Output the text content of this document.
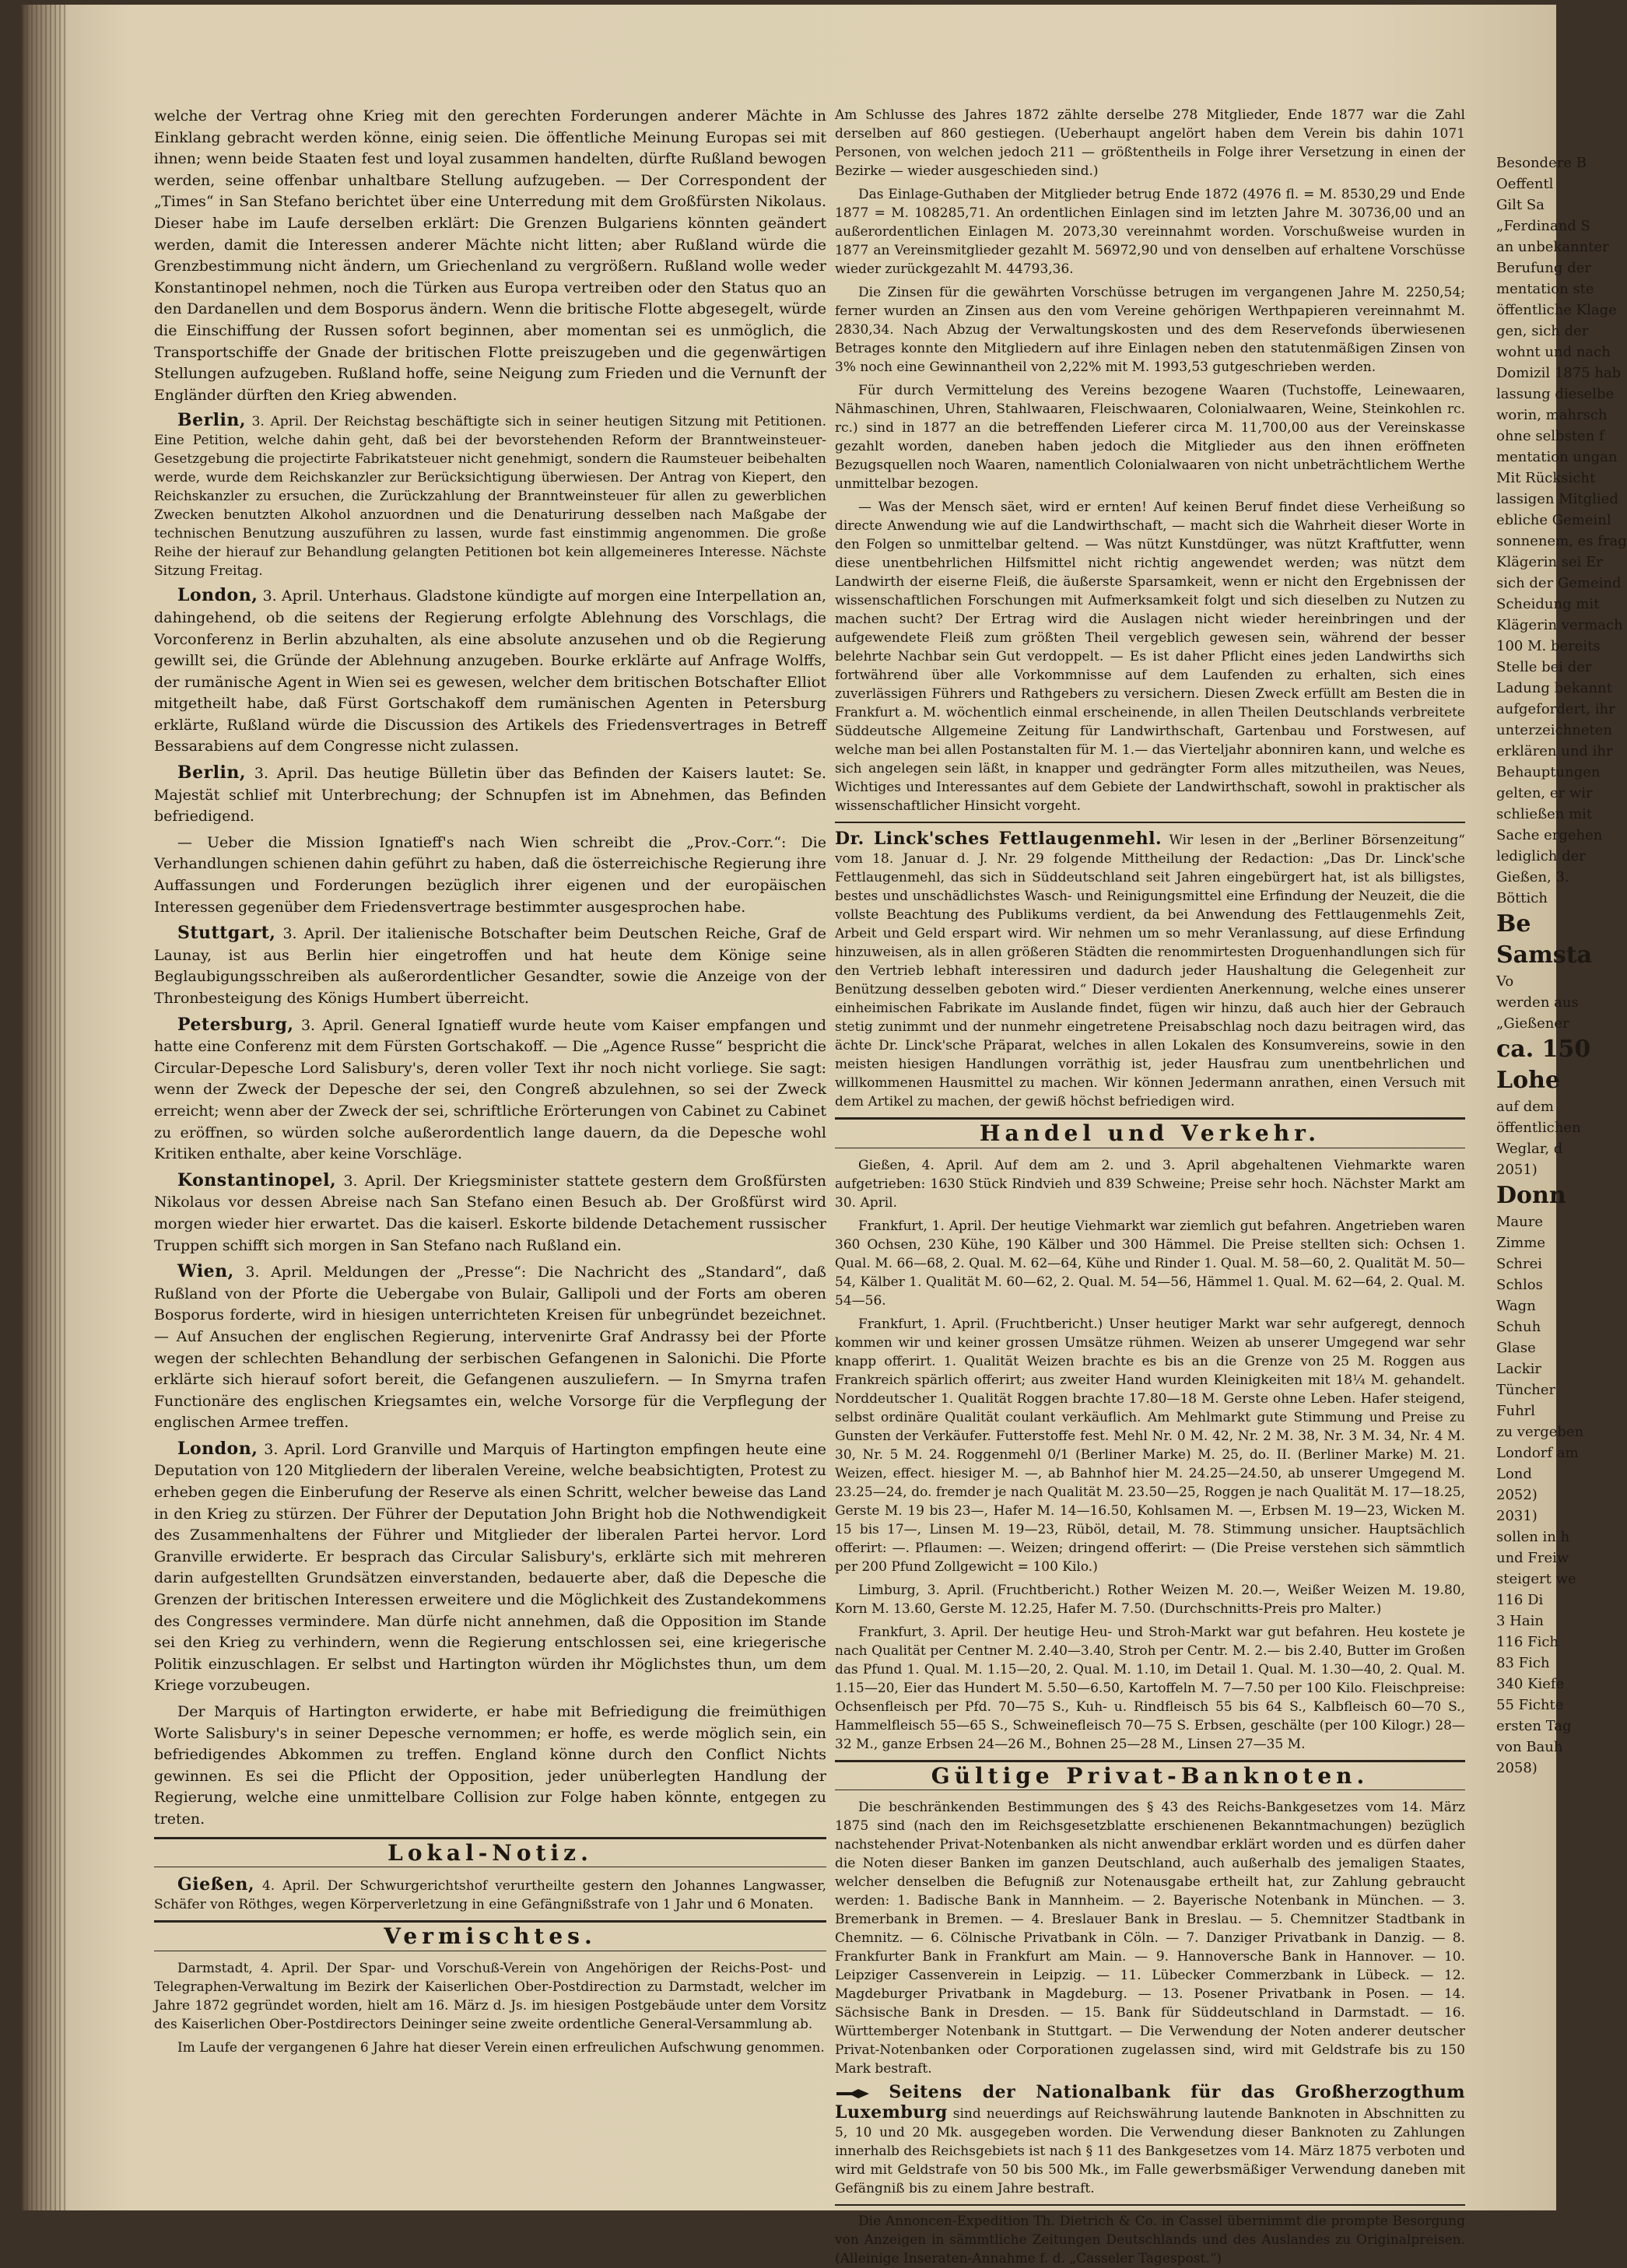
welche der Vertrag ohne Krieg mit den gerechten Forderungen anderer Mächte in Einklang gebracht werden könne, einig seien. Die öffentliche Meinung Europas sei mit ihnen; wenn beide Staaten fest und loyal zusammen handelten, dürfte Rußland bewogen werden, seine offenbar unhaltbare Stellung aufzugeben. — Der Correspondent der „Times“ in San Stefano berichtet über eine Unterredung mit dem Großfürsten Nikolaus. Dieser habe im Laufe derselben erklärt: Die Grenzen Bulgariens könnten geändert werden, damit die Interessen anderer Mächte nicht litten; aber Rußland würde die Grenzbestimmung nicht ändern, um Griechenland zu vergrößern. Rußland wolle weder Konstantinopel nehmen, noch die Türken aus Europa vertreiben oder den Status quo an den Dardanellen und dem Bosporus ändern. Wenn die britische Flotte abgesegelt, würde die Einschiffung der Russen sofort beginnen, aber momentan sei es unmöglich, die Transportschiffe der Gnade der britischen Flotte preiszugeben und die gegenwärtigen Stellungen aufzugeben. Rußland hoffe, seine Neigung zum Frieden und die Vernunft der Engländer dürften den Krieg abwenden.

Berlin, 3. April. Der Reichstag beschäftigte sich in seiner heutigen Sitzung mit Petitionen. Eine Petition, welche dahin geht, daß bei der bevorstehenden Reform der Branntweinsteuer-Gesetzgebung die projectirte Fabrikatsteuer nicht genehmigt, sondern die Raumsteuer beibehalten werde, wurde dem Reichskanzler zur Berücksichtigung überwiesen. Der Antrag von Kiepert, den Reichskanzler zu ersuchen, die Zurückzahlung der Branntweinsteuer für allen zu gewerblichen Zwecken benutzten Alkohol anzuordnen und die Denaturirung desselben nach Maßgabe der technischen Benutzung auszuführen zu lassen, wurde fast einstimmig angenommen. Die große Reihe der hierauf zur Behandlung gelangten Petitionen bot kein allgemeineres Interesse. Nächste Sitzung Freitag.

London, 3. April. Unterhaus. Gladstone kündigte auf morgen eine Interpellation an, dahingehend, ob die seitens der Regierung erfolgte Ablehnung des Vorschlags, die Vorconferenz in Berlin abzuhalten, als eine absolute anzusehen und ob die Regierung gewillt sei, die Gründe der Ablehnung anzugeben. Bourke erklärte auf Anfrage Wolffs, der rumänische Agent in Wien sei es gewesen, welcher dem britischen Botschafter Elliot mitgetheilt habe, daß Fürst Gortschakoff dem rumänischen Agenten in Petersburg erklärte, Rußland würde die Discussion des Artikels des Friedensvertrages in Betreff Bessarabiens auf dem Congresse nicht zulassen.

Berlin, 3. April. Das heutige Bülletin über das Befinden der Kaisers lautet: Se. Majestät schlief mit Unterbrechung; der Schnupfen ist im Abnehmen, das Befinden befriedigend.

— Ueber die Mission Ignatieff's nach Wien schreibt die „Prov.-Corr.“: Die Verhandlungen schienen dahin geführt zu haben, daß die österreichische Regierung ihre Auffassungen und Forderungen bezüglich ihrer eigenen und der europäischen Interessen gegenüber dem Friedensvertrage bestimmter ausgesprochen habe.

Stuttgart, 3. April. Der italienische Botschafter beim Deutschen Reiche, Graf de Launay, ist aus Berlin hier eingetroffen und hat heute dem Könige seine Beglaubigungsschreiben als außerordentlicher Gesandter, sowie die Anzeige von der Thronbesteigung des Königs Humbert überreicht.

Petersburg, 3. April. General Ignatieff wurde heute vom Kaiser empfangen und hatte eine Conferenz mit dem Fürsten Gortschakoff. — Die „Agence Russe“ bespricht die Circular-Depesche Lord Salisbury's, deren voller Text ihr noch nicht vorliege. Sie sagt: wenn der Zweck der Depesche der sei, den Congreß abzulehnen, so sei der Zweck erreicht; wenn aber der Zweck der sei, schriftliche Erörterungen von Cabinet zu Cabinet zu eröffnen, so würden solche außerordentlich lange dauern, da die Depesche wohl Kritiken enthalte, aber keine Vorschläge.

Konstantinopel, 3. April. Der Kriegsminister stattete gestern dem Großfürsten Nikolaus vor dessen Abreise nach San Stefano einen Besuch ab. Der Großfürst wird morgen wieder hier erwartet. Das die kaiserl. Eskorte bildende Detachement russischer Truppen schifft sich morgen in San Stefano nach Rußland ein.

Wien, 3. April. Meldungen der „Presse“: Die Nachricht des „Standard“, daß Rußland von der Pforte die Uebergabe von Bulair, Gallipoli und der Forts am oberen Bosporus forderte, wird in hiesigen unterrichteten Kreisen für unbegründet bezeichnet. — Auf Ansuchen der englischen Regierung, intervenirte Graf Andrassy bei der Pforte wegen der schlechten Behandlung der serbischen Gefangenen in Salonichi. Die Pforte erklärte sich hierauf sofort bereit, die Gefangenen auszuliefern. — In Smyrna trafen Functionäre des englischen Kriegsamtes ein, welche Vorsorge für die Verpflegung der englischen Armee treffen.

London, 3. April. Lord Granville und Marquis of Hartington empfingen heute eine Deputation von 120 Mitgliedern der liberalen Vereine, welche beabsichtigten, Protest zu erheben gegen die Einberufung der Reserve als einen Schritt, welcher beweise das Land in den Krieg zu stürzen. Der Führer der Deputation John Bright hob die Nothwendigkeit des Zusammenhaltens der Führer und Mitglieder der liberalen Partei hervor. Lord Granville erwiderte. Er besprach das Circular Salisbury's, erklärte sich mit mehreren darin aufgestellten Grundsätzen einverstanden, bedauerte aber, daß die Depesche die Grenzen der britischen Interessen erweitere und die Möglichkeit des Zustandekommens des Congresses verminderе. Man dürfe nicht annehmen, daß die Opposition im Stande sei den Krieg zu verhindern, wenn die Regierung entschlossen sei, eine kriegerische Politik einzuschlagen. Er selbst und Hartington würden ihr Möglichstes thun, um dem Kriege vorzubeugen.

Der Marquis of Hartington erwiderte, er habe mit Befriedigung die freimüthigen Worte Salisbury's in seiner Depesche vernommen; er hoffe, es werde möglich sein, ein befriedigendes Abkommen zu treffen. England könne durch den Conflict Nichts gewinnen. Es sei die Pflicht der Opposition, jeder unüberlegten Handlung der Regierung, welche eine unmittelbare Collision zur Folge haben könnte, entgegen zu treten.

Lokal-Notiz.

Gießen, 4. April. Der Schwurgerichtshof verurtheilte gestern den Johannes Langwasser, Schäfer von Röthges, wegen Körperverletzung in eine Gefängnißstrafe von 1 Jahr und 6 Monaten.

Vermischtes.

Darmstadt, 4. April. Der Spar- und Vorschuß-Verein von Angehörigen der Reichs-Post- und Telegraphen-Verwaltung im Bezirk der Kaiserlichen Ober-Postdirection zu Darmstadt, welcher im Jahre 1872 gegründet worden, hielt am 16. März d. Js. im hiesigen Postgebäude unter dem Vorsitz des Kaiserlichen Ober-Postdirectors Deininger seine zweite ordentliche General-Versammlung ab.

Im Laufe der vergangenen 6 Jahre hat dieser Verein einen erfreulichen Aufschwung genommen.

Am Schlusse des Jahres 1872 zählte derselbe 278 Mitglieder, Ende 1877 war die Zahl derselben auf 860 gestiegen. (Ueberhaupt angelört haben dem Verein bis dahin 1071 Personen, von welchen jedoch 211 — größtentheils in Folge ihrer Versetzung in einen der Bezirke — wieder ausgeschieden sind.)

Das Einlage-Guthaben der Mitglieder betrug Ende 1872 (4976 fl. = M. 8530,29 und Ende 1877 = M. 108285,71. An ordentlichen Einlagen sind im letzten Jahre M. 30736,00 und an außerordentlichen Einlagen M. 2073,30 vereinnahmt worden. Vorschußweise wurden in 1877 an Vereinsmitglieder gezahlt M. 56972,90 und von denselben auf erhaltene Vorschüsse wieder zurückgezahlt M. 44793,36.

Die Zinsen für die gewährten Vorschüsse betrugen im vergangenen Jahre M. 2250,54; ferner wurden an Zinsen aus den vom Vereine gehörigen Werthpapieren vereinnahmt M. 2830,34. Nach Abzug der Verwaltungskosten und des dem Reservefonds überwiesenen Betrages konnte den Mitgliedern auf ihre Einlagen neben den statutenmäßigen Zinsen von 3% noch eine Gewinnantheil von 2,22% mit M. 1993,53 gutgeschrieben werden.

Für durch Vermittelung des Vereins bezogene Waaren (Tuchstoffe, Leinewaaren, Nähmaschinen, Uhren, Stahlwaaren, Fleischwaaren, Colonialwaaren, Weine, Steinkohlen rc. rc.) sind in 1877 an die betreffenden Lieferer circa M. 11,700,00 aus der Vereinskasse gezahlt worden, daneben haben jedoch die Mitglieder aus den ihnen eröffneten Bezugsquellen noch Waaren, namentlich Colonialwaaren von nicht unbeträchtlichem Werthe unmittelbar bezogen.

— Was der Mensch säet, wird er ernten! Auf keinen Beruf findet diese Verheißung so directe Anwendung wie auf die Landwirthschaft, — macht sich die Wahrheit dieser Worte in den Folgen so unmittelbar geltend. — Was nützt Kunstdünger, was nützt Kraftfutter, wenn diese unentbehrlichen Hilfsmittel nicht richtig angewendet werden; was nützt dem Landwirth der eiserne Fleiß, die äußerste Sparsamkeit, wenn er nicht den Ergebnissen der wissenschaftlichen Forschungen mit Aufmerksamkeit folgt und sich dieselben zu Nutzen zu machen sucht? Der Ertrag wird die Auslagen nicht wieder hereinbringen und der aufgewendete Fleiß zum größten Theil vergeblich gewesen sein, während der besser belehrte Nachbar sein Gut verdoppelt. — Es ist daher Pflicht eines jeden Landwirths sich fortwährend über alle Vorkommnisse auf dem Laufenden zu erhalten, sich eines zuverlässigen Führers und Rathgebers zu versichern. Diesen Zweck erfüllt am Besten die in Frankfurt a. M. wöchentlich einmal erscheinende, in allen Theilen Deutschlands verbreitete Süddeutsche Allgemeine Zeitung für Landwirthschaft, Gartenbau und Forstwesen, auf welche man bei allen Postanstalten für M. 1.— das Vierteljahr abonniren kann, und welche es sich angelegen sein läßt, in knapper und gedrängter Form alles mitzutheilen, was Neues, Wichtiges und Interessantes auf dem Gebiete der Landwirthschaft, sowohl in praktischer als wissenschaftlicher Hinsicht vorgeht.

Dr. Linck'sches Fettlaugenmehl. Wir lesen in der „Berliner Börsenzeitung“ vom 18. Januar d. J. Nr. 29 folgende Mittheilung der Redaction: „Das Dr. Linck'sche Fettlaugenmehl, das sich in Süddeutschland seit Jahren eingebürgert hat, ist als billigstes, bestes und unschädlichstes Wasch- und Reinigungsmittel eine Erfindung der Neuzeit, die die vollste Beachtung des Publikums verdient, da bei Anwendung des Fettlaugenmehls Zeit, Arbeit und Geld erspart wird. Wir nehmen um so mehr Veranlassung, auf diese Erfindung hinzuweisen, als in allen größeren Städten die renommirtesten Droguenhandlungen sich für den Vertrieb lebhaft interessiren und dadurch jeder Haushaltung die Gelegenheit zur Benützung desselben geboten wird.“ Dieser verdienten Anerkennung, welche eines unserer einheimischen Fabrikate im Auslande findet, fügen wir hinzu, daß auch hier der Gebrauch stetig zunimmt und der nunmehr eingetretene Preisabschlag noch dazu beitragen wird, das ächte Dr. Linck'sche Präparat, welches in allen Lokalen des Konsumvereins, sowie in den meisten hiesigen Handlungen vorräthig ist, jeder Hausfrau zum unentbehrlichen und willkommenen Hausmittel zu machen. Wir können Jedermann anrathen, einen Versuch mit dem Artikel zu machen, der gewiß höchst befriedigen wird.

Handel und Verkehr.

Gießen, 4. April. Auf dem am 2. und 3. April abgehaltenen Viehmarkte waren aufgetrieben: 1630 Stück Rindvieh und 839 Schweine; Preise sehr hoch. Nächster Markt am 30. April.

Frankfurt, 1. April. Der heutige Viehmarkt war ziemlich gut befahren. Angetrieben waren 360 Ochsen, 230 Kühe, 190 Kälber und 300 Hämmel. Die Preise stellten sich: Ochsen 1. Qual. M. 66—68, 2. Qual. M. 62—64, Kühe und Rinder 1. Qual. M. 58—60, 2. Qualität M. 50—54, Kälber 1. Qualität M. 60—62, 2. Qual. M. 54—56, Hämmel 1. Qual. M. 62—64, 2. Qual. M. 54—56.

Frankfurt, 1. April. (Fruchtbericht.) Unser heutiger Markt war sehr aufgeregt, dennoch kommen wir und keiner grossen Umsätze rühmen. Weizen ab unserer Umgegend war sehr knapp offerirt. 1. Qualität Weizen brachte es bis an die Grenze von 25 M. Roggen aus Frankreich spärlich offerirt; aus zweiter Hand wurden Kleinigkeiten mit 18¼ M. gehandelt. Norddeutscher 1. Qualität Roggen brachte 17.80—18 M. Gerste ohne Leben. Hafer steigend, selbst ordinäre Qualität coulant verkäuflich. Am Mehlmarkt gute Stimmung und Preise zu Gunsten der Verkäufer. Futterstoffe fest. Mehl Nr. 0 M. 42, Nr. 2 M. 38, Nr. 3 M. 34, Nr. 4 M. 30, Nr. 5 M. 24. Roggenmehl 0/1 (Berliner Marke) M. 25, do. II. (Berliner Marke) M. 21. Weizen, effect. hiesiger M. —, ab Bahnhof hier M. 24.25—24.50, ab unserer Umgegend M. 23.25—24, do. fremder je nach Qualität M. 23.50—25, Roggen je nach Qualität M. 17—18.25, Gerste M. 19 bis 23—, Hafer M. 14—16.50, Kohlsamen M. —, Erbsen M. 19—23, Wicken M. 15 bis 17—, Linsen M. 19—23, Rüböl, detail, M. 78. Stimmung unsicher. Hauptsächlich offerirt: —. Pflaumen: —. Weizen; dringend offerirt: — (Die Preise verstehen sich sämmtlich per 200 Pfund Zollgewicht = 100 Kilo.)

Limburg, 3. April. (Fruchtbericht.) Rother Weizen M. 20.—, Weißer Weizen M. 19.80, Korn M. 13.60, Gerste M. 12.25, Hafer M. 7.50. (Durchschnitts-Preis pro Malter.)

Frankfurt, 3. April. Der heutige Heu- und Stroh-Markt war gut befahren. Heu kostete je nach Qualität per Centner M. 2.40—3.40, Stroh per Centr. M. 2.— bis 2.40, Butter im Großen das Pfund 1. Qual. M. 1.15—20, 2. Qual. M. 1.10, im Detail 1. Qual. M. 1.30—40, 2. Qual. M. 1.15—20, Eier das Hundert M. 5.50—6.50, Kartoffeln M. 7—7.50 per 100 Kilo. Fleischpreise: Ochsenfleisch per Pfd. 70—75 S., Kuh- u. Rindfleisch 55 bis 64 S., Kalbfleisch 60—70 S., Hammelfleisch 55—65 S., Schweinefleisch 70—75 S. Erbsen, geschälte (per 100 Kilogr.) 28—32 M., ganze Erbsen 24—26 M., Bohnen 25—28 M., Linsen 27—35 M.

Gültige Privat-Banknoten.

Die beschränkenden Bestimmungen des § 43 des Reichs-Bankgesetzes vom 14. März 1875 sind (nach den im Reichsgesetzblatte erschienenen Bekanntmachungen) bezüglich nachstehender Privat-Notenbanken als nicht anwendbar erklärt worden und es dürfen daher die Noten dieser Banken im ganzen Deutschland, auch außerhalb des jemaligen Staates, welcher denselben die Befugniß zur Notenausgabe ertheilt hat, zur Zahlung gebraucht werden: 1. Badische Bank in Mannheim. — 2. Bayerische Notenbank in München. — 3. Bremerbank in Bremen. — 4. Breslauer Bank in Breslau. — 5. Chemnitzer Stadtbank in Chemnitz. — 6. Cölnische Privatbank in Cöln. — 7. Danziger Privatbank in Danzig. — 8. Frankfurter Bank in Frankfurt am Main. — 9. Hannoversche Bank in Hannover. — 10. Leipziger Cassenverein in Leipzig. — 11. Lübecker Commerzbank in Lübeck. — 12. Magdeburger Privatbank in Magdeburg. — 13. Posener Privatbank in Posen. — 14. Sächsische Bank in Dresden. — 15. Bank für Süddeutschland in Darmstadt. — 16. Württemberger Notenbank in Stuttgart. — Die Verwendung der Noten anderer deutscher Privat-Notenbanken oder Corporationen zugelassen sind, wird mit Geldstrafe bis zu 150 Mark bestraft.

Seitens der Nationalbank für das Großherzogthum Luxemburg sind neuerdings auf Reichswährung lautende Banknoten in Abschnitten zu 5, 10 und 20 Mk. ausgegeben worden. Die Verwendung dieser Banknoten zu Zahlungen innerhalb des Reichsgebiets ist nach § 11 des Bankgesetzes vom 14. März 1875 verboten und wird mit Geldstrafe von 50 bis 500 Mk., im Falle gewerbsmäßiger Verwendung daneben mit Gefängniß bis zu einem Jahre bestraft.

Die Annoncen-Expedition Th. Dietrich & Co. in Cassel übernimmt die prompte Besorgung von Anzeigen in sämmtliche Zeitungen Deutschlands und des Auslandes zu Originalpreisen. (Alleinige Inseraten-Annahme f. d. „Casseler Tagespost.“)

Besondere B
Oeffentl
Gilt Sa
„Ferdinand S
an unbekannter
Berufung der
mentation ste
öffentliche Klage
gen, sich der
wohnt und nach
Domizil 1875 hab
lassung dieselbe
worin, mahrsch
ohne selbsten f
mentation ungan
Mit Rücksicht
lassigen Mitglied
ebliche Gemeinl
sonnenem, es frag
Klägerin sei Er
sich der Gemeind
Scheidung mit
Klägerin vermach
100 M. bereits
Stelle bei der
Ladung bekannt
aufgefordert, ihr
unterzeichneten
erklären und ihr
Behauptungen
gelten, er wir
schließen mit
Sache ergehen
lediglich der
Gießen, 3.
Böttich
Be
Samsta
Vo
werden aus
„Gießener
ca. 150
Lohe
auf dem
öffentlichen
Weglar, d
2051)
Donn
Maure
Zimme
Schrei
Schlos
Wagn
Schuh
Glase
Lackir
Tüncher
Fuhrl
zu vergeben
Londorf am
Lond
2052)
2031)
sollen in h
und Freiw
steigert we
116 Di
3 Hain
116 Fich
83 Fich
340 Kiefe
55 Fichte
ersten Tag
von Bauh
2058)
